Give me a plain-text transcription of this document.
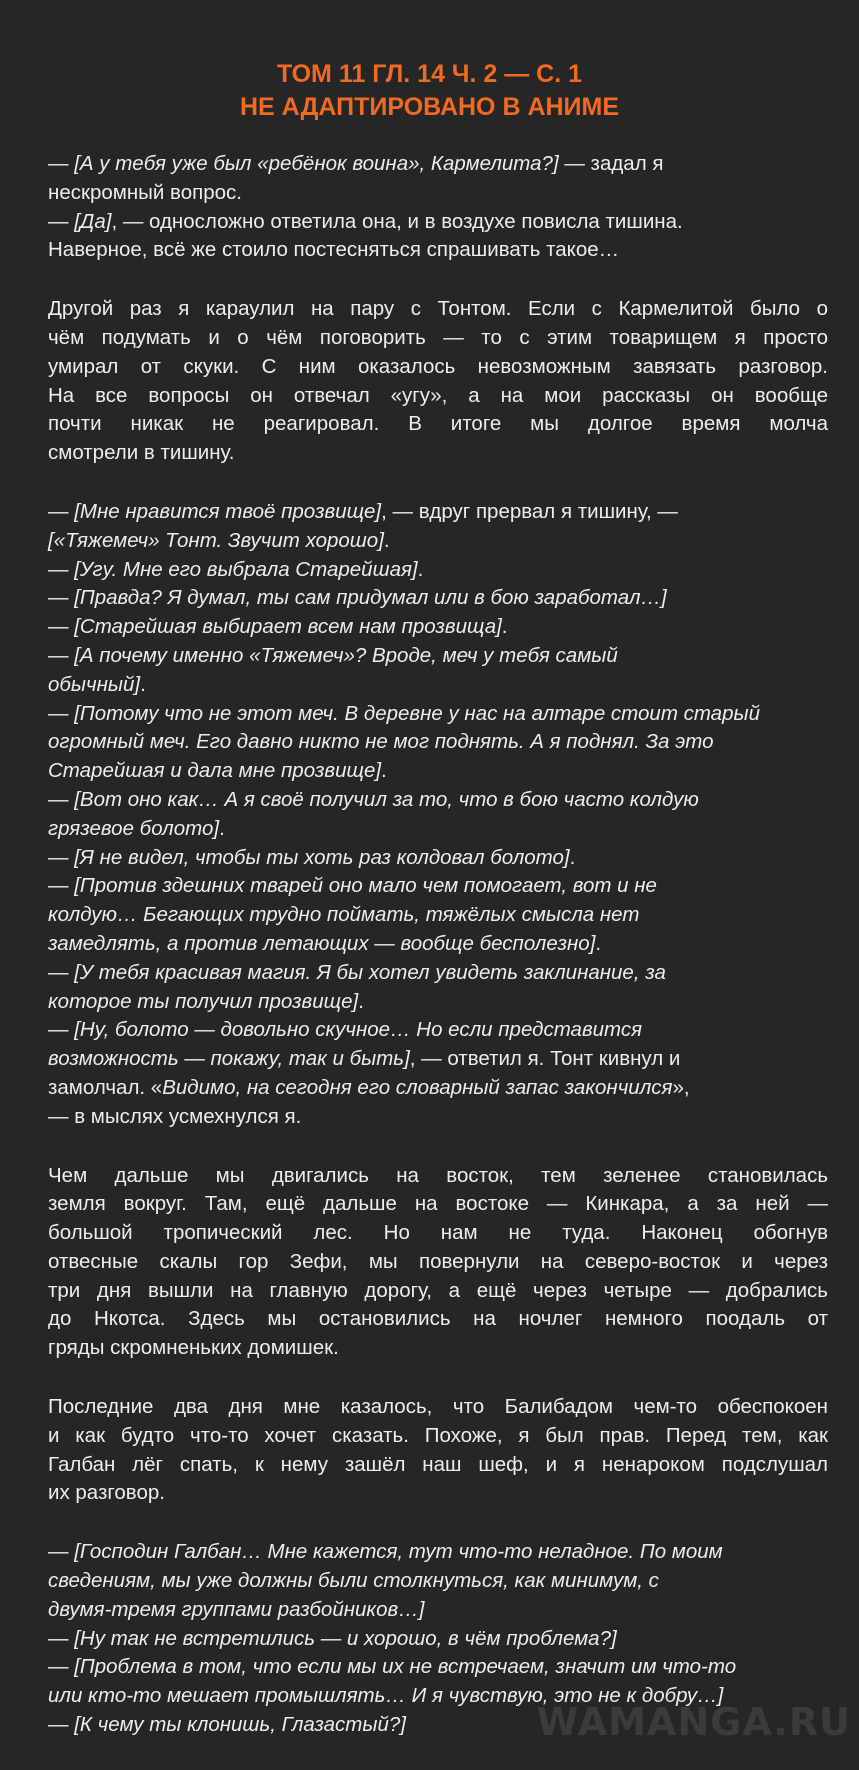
ТОМ 11 ГЛ. 14 Ч. 2 — С. 1
НЕ АДАПТИРОВАНО В АНИМЕ
— [А у тебя уже был «ребёнок воина», Кармелита?] — задал я
нескромный вопрос.
— [Да], — односложно ответила она, и в воздухе повисла тишина.
Наверное, всё же стоило постесняться спрашивать такое…
Другой раз я караулил на пару с Тонтом. Если с Кармелитой было о
чём подумать и о чём поговорить — то с этим товарищем я просто
умирал от скуки. С ним оказалось невозможным завязать разговор.
На все вопросы он отвечал «угу», а на мои рассказы он вообще
почти никак не реагировал. В итоге мы долгое время молча
смотрели в тишину.
— [Мне нравится твоё прозвище], — вдруг прервал я тишину, —
[«Тяжемеч» Тонт. Звучит хорошо].
— [Угу. Мне его выбрала Старейшая].
— [Правда? Я думал, ты сам придумал или в бою заработал…]
— [Старейшая выбирает всем нам прозвища].
— [А почему именно «Тяжемеч»? Вроде, меч у тебя самый
обычный].
— [Потому что не этот меч. В деревне у нас на алтаре стоит старый
огромный меч. Его давно никто не мог поднять. А я поднял. За это
Старейшая и дала мне прозвище].
— [Вот оно как… А я своё получил за то, что в бою часто колдую
грязевое болото].
— [Я не видел, чтобы ты хоть раз колдовал болото].
— [Против здешних тварей оно мало чем помогает, вот и не
колдую… Бегающих трудно поймать, тяжёлых смысла нет
замедлять, а против летающих — вообще бесполезно].
— [У тебя красивая магия. Я бы хотел увидеть заклинание, за
которое ты получил прозвище].
— [Ну, болото — довольно скучное… Но если представится
возможность — покажу, так и быть], — ответил я. Тонт кивнул и
замолчал. «Видимо, на сегодня его словарный запас закончился»,
— в мыслях усмехнулся я.
Чем дальше мы двигались на восток, тем зеленее становилась
земля вокруг. Там, ещё дальше на востоке — Кинкара, а за ней —
большой тропический лес. Но нам не туда. Наконец обогнув
отвесные скалы гор Зефи, мы повернули на северо-восток и через
три дня вышли на главную дорогу, а ещё через четыре — добрались
до Нкотса. Здесь мы остановились на ночлег немного поодаль от
гряды скромненьких домишек.
Последние два дня мне казалось, что Балибадом чем-то обеспокоен
и как будто что-то хочет сказать. Похоже, я был прав. Перед тем, как
Галбан лёг спать, к нему зашёл наш шеф, и я ненароком подслушал
их разговор.
— [Господин Галбан… Мне кажется, тут что-то неладное. По моим
сведениям, мы уже должны были столкнуться, как минимум, с
двумя-тремя группами разбойников…]
— [Ну так не встретились — и хорошо, в чём проблема?]
— [Проблема в том, что если мы их не встречаем, значит им что-то
или кто-то мешает промышлять… И я чувствую, это не к добру…]
— [К чему ты клонишь, Глазастый?]	WAMANGA.RU
